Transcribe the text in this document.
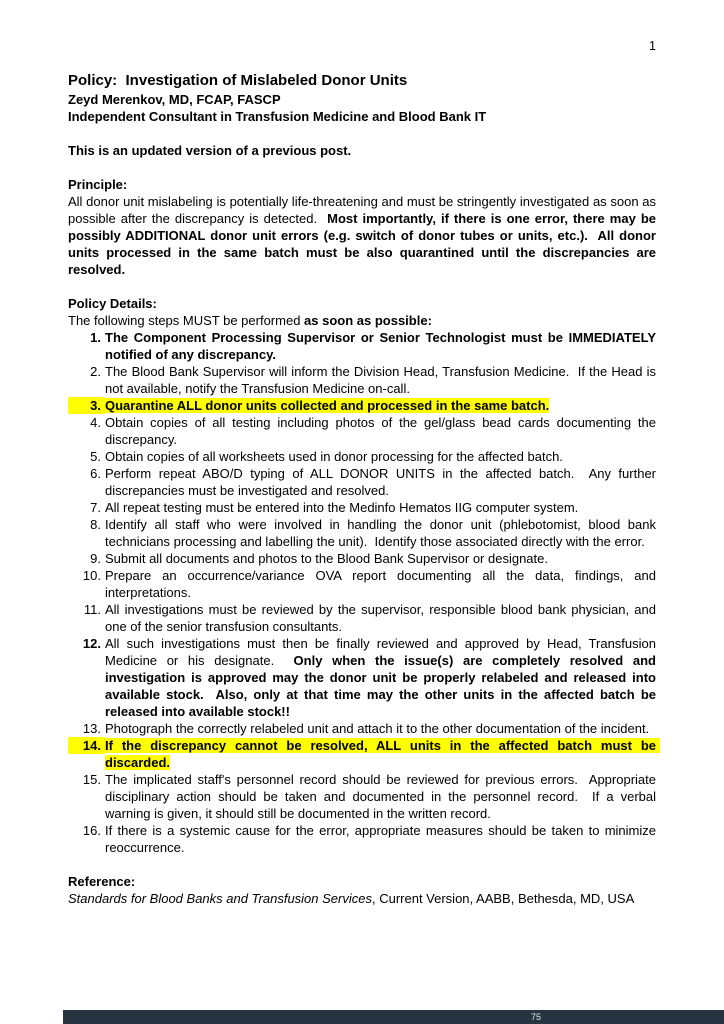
1
Policy:  Investigation of Mislabeled Donor Units
Zeyd Merenkov, MD, FCAP, FASCP
Independent Consultant in Transfusion Medicine and Blood Bank IT
This is an updated version of a previous post.
Principle:

All donor unit mislabeling is potentially life-threatening and must be stringently investigated as soon as possible after the discrepancy is detected.  Most importantly, if there is one error, there may be possibly ADDITIONAL donor unit errors (e.g. switch of donor tubes or units, etc.).  All donor units processed in the same batch must be also quarantined until the discrepancies are resolved.

Policy Details:
The following steps MUST be performed as soon as possible:
1. The Component Processing Supervisor or Senior Technologist must be IMMEDIATELY notified of any discrepancy.
2. The Blood Bank Supervisor will inform the Division Head, Transfusion Medicine.  If the Head is not available, notify the Transfusion Medicine on-call.
3. Quarantine ALL donor units collected and processed in the same batch.
4. Obtain copies of all testing including photos of the gel/glass bead cards documenting the discrepancy.
5. Obtain copies of all worksheets used in donor processing for the affected batch.
6. Perform repeat ABO/D typing of ALL DONOR UNITS in the affected batch.  Any further discrepancies must be investigated and resolved.
7. All repeat testing must be entered into the Medinfo Hematos IIG computer system.
8. Identify all staff who were involved in handling the donor unit (phlebotomist, blood bank technicians processing and labelling the unit).  Identify those associated directly with the error.
9. Submit all documents and photos to the Blood Bank Supervisor or designate.
10. Prepare an occurrence/variance OVA report documenting all the data, findings, and interpretations.
11. All investigations must be reviewed by the supervisor, responsible blood bank physician, and one of the senior transfusion consultants.
12. All such investigations must then be finally reviewed and approved by Head, Transfusion Medicine or his designate.  Only when the issue(s) are completely resolved and investigation is approved may the donor unit be properly relabeled and released into available stock.  Also, only at that time may the other units in the affected batch be released into available stock!!
13. Photograph the correctly relabeled unit and attach it to the other documentation of the incident.
14. If the discrepancy cannot be resolved, ALL units in the affected batch must be discarded.
15. The implicated staff's personnel record should be reviewed for previous errors.  Appropriate disciplinary action should be taken and documented in the personnel record.  If a verbal warning is given, it should still be documented in the written record.
16. If there is a systemic cause for the error, appropriate measures should be taken to minimize reoccurrence.
Reference:
Standards for Blood Banks and Transfusion Services, Current Version, AABB, Bethesda, MD, USA
75
